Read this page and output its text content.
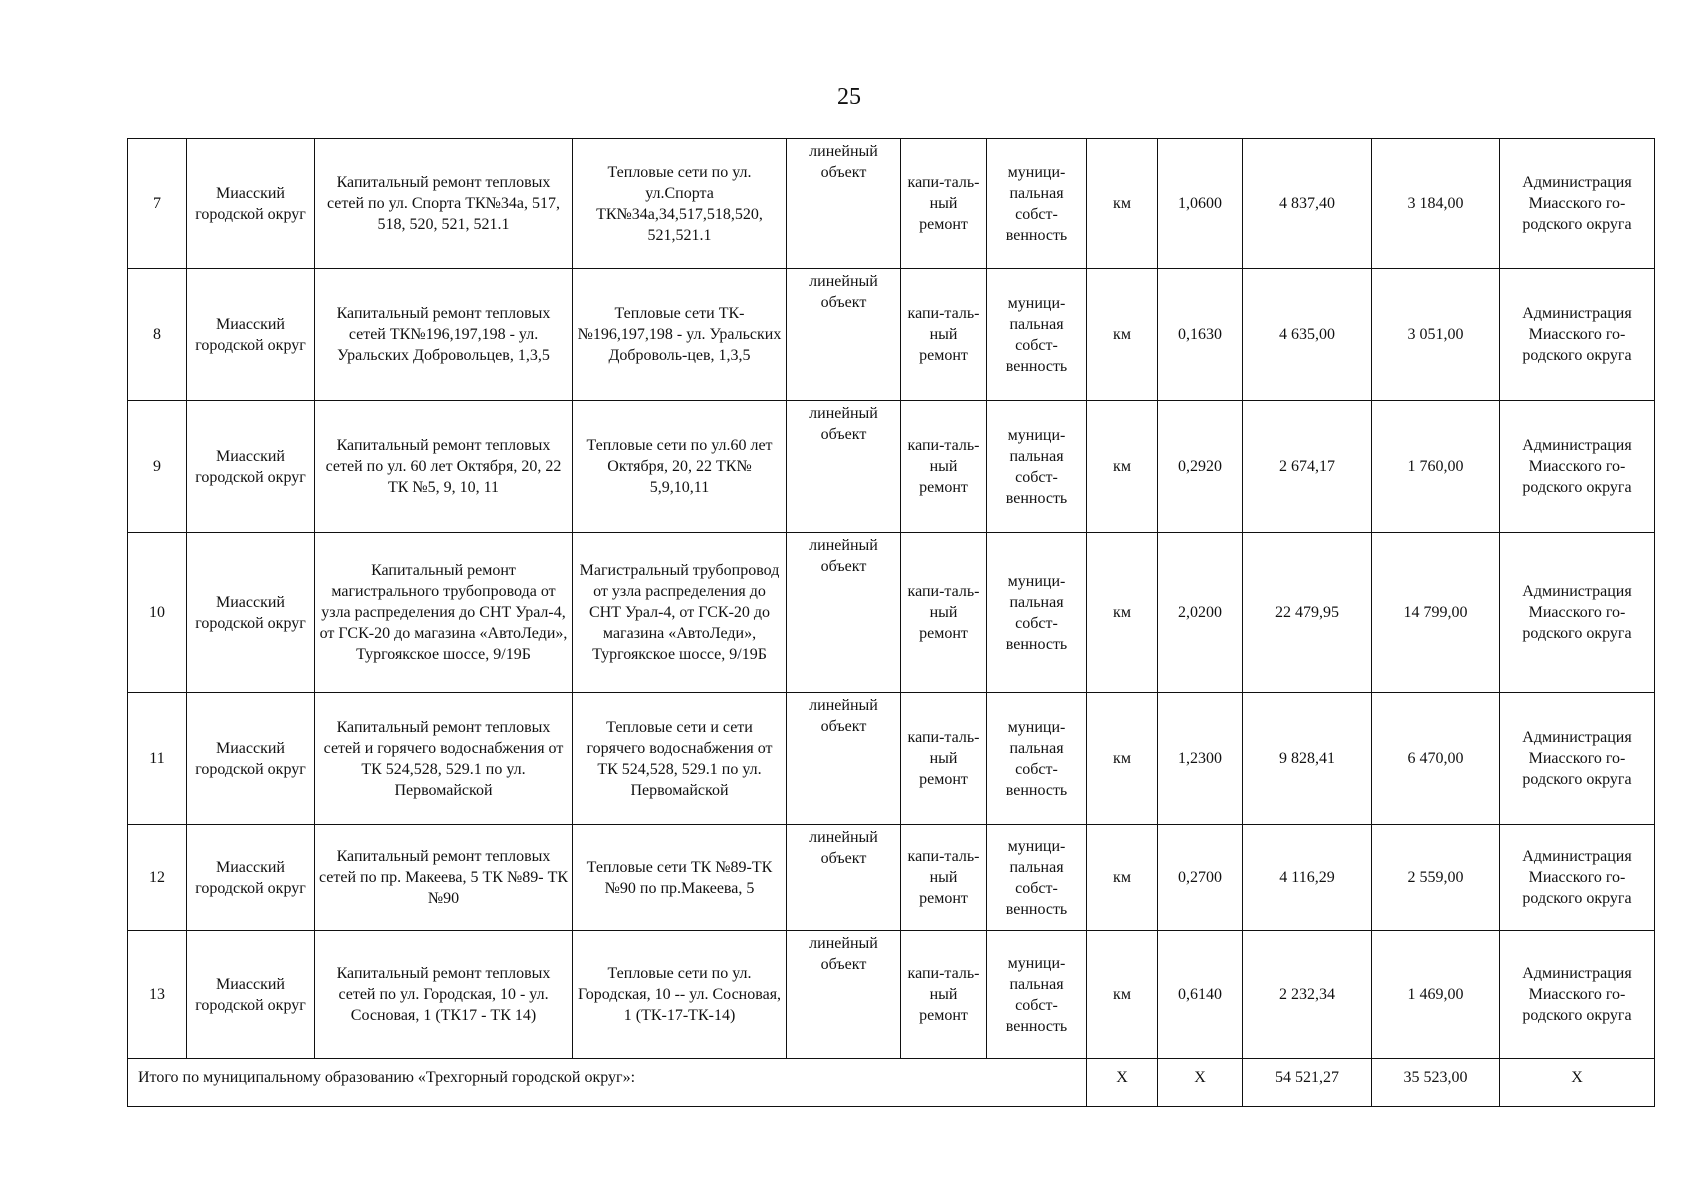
25
7	Миасский городской округ	Капитальный ремонт тепловых сетей по ул. Спорта ТК№34а, 517, 518, 520, 521, 521.1	Тепловые сети по ул. ул.Спорта ТК№34а,34,517,518,520, 521,521.1	линейный объект	капи-таль-ный ремонт	муници-пальная собст-венность	км	1,0600	4 837,40	3 184,00	Администрация Миасского го-родского округа
8	Миасский городской округ	Капитальный ремонт тепловых сетей ТК№196,197,198 - ул. Уральских Добровольцев, 1,3,5	Тепловые сети ТК-№196,197,198 - ул. Уральских Доброволь-цев, 1,3,5	линейный объект	капи-таль-ный ремонт	муници-пальная собст-венность	км	0,1630	4 635,00	3 051,00	Администрация Миасского го-родского округа
9	Миасский городской округ	Капитальный ремонт тепловых сетей по ул. 60 лет Октября, 20, 22 ТК №5, 9, 10, 11	Тепловые сети по ул.60 лет Октября, 20, 22 ТК№ 5,9,10,11	линейный объект	капи-таль-ный ремонт	муници-пальная собст-венность	км	0,2920	2 674,17	1 760,00	Администрация Миасского го-родского округа
10	Миасский городской округ	Капитальный ремонт магистрального трубопровода от узла распределения до СНТ Урал-4, от ГСК-20 до магазина «АвтоЛеди», Тургоякское шоссе, 9/19Б	Магистральный трубопровод от узла распределения до СНТ Урал-4, от ГСК-20 до магазина «АвтоЛеди», Тургоякское шоссе, 9/19Б	линейный объект	капи-таль-ный ремонт	муници-пальная собст-венность	км	2,0200	22 479,95	14 799,00	Администрация Миасского го-родского округа
11	Миасский городской округ	Капитальный ремонт тепловых сетей и горячего водоснабжения от ТК 524,528, 529.1 по ул. Первомайской	Тепловые сети и сети горячего водоснабжения от ТК 524,528, 529.1 по ул. Первомайской	линейный объект	капи-таль-ный ремонт	муници-пальная собст-венность	км	1,2300	9 828,41	6 470,00	Администрация Миасского го-родского округа
12	Миасский городской округ	Капитальный ремонт тепловых сетей по пр. Макеева, 5 ТК №89- ТК №90	Тепловые сети ТК №89-ТК №90 по пр.Макеева, 5	линейный объект	капи-таль-ный ремонт	муници-пальная собст-венность	км	0,2700	4 116,29	2 559,00	Администрация Миасского го-родского округа
13	Миасский городской округ	Капитальный ремонт тепловых сетей по ул. Городская, 10 - ул. Сосновая, 1 (ТК17 - ТК 14)	Тепловые сети по ул. Городская, 10 -- ул. Сосновая, 1 (ТК-17-ТК-14)	линейный объект	капи-таль-ный ремонт	муници-пальная собст-венность	км	0,6140	2 232,34	1 469,00	Администрация Миасского го-родского округа
Итого по муниципальному образованию «Трехгорный городской округ»:							X	X	54 521,27	35 523,00	X
